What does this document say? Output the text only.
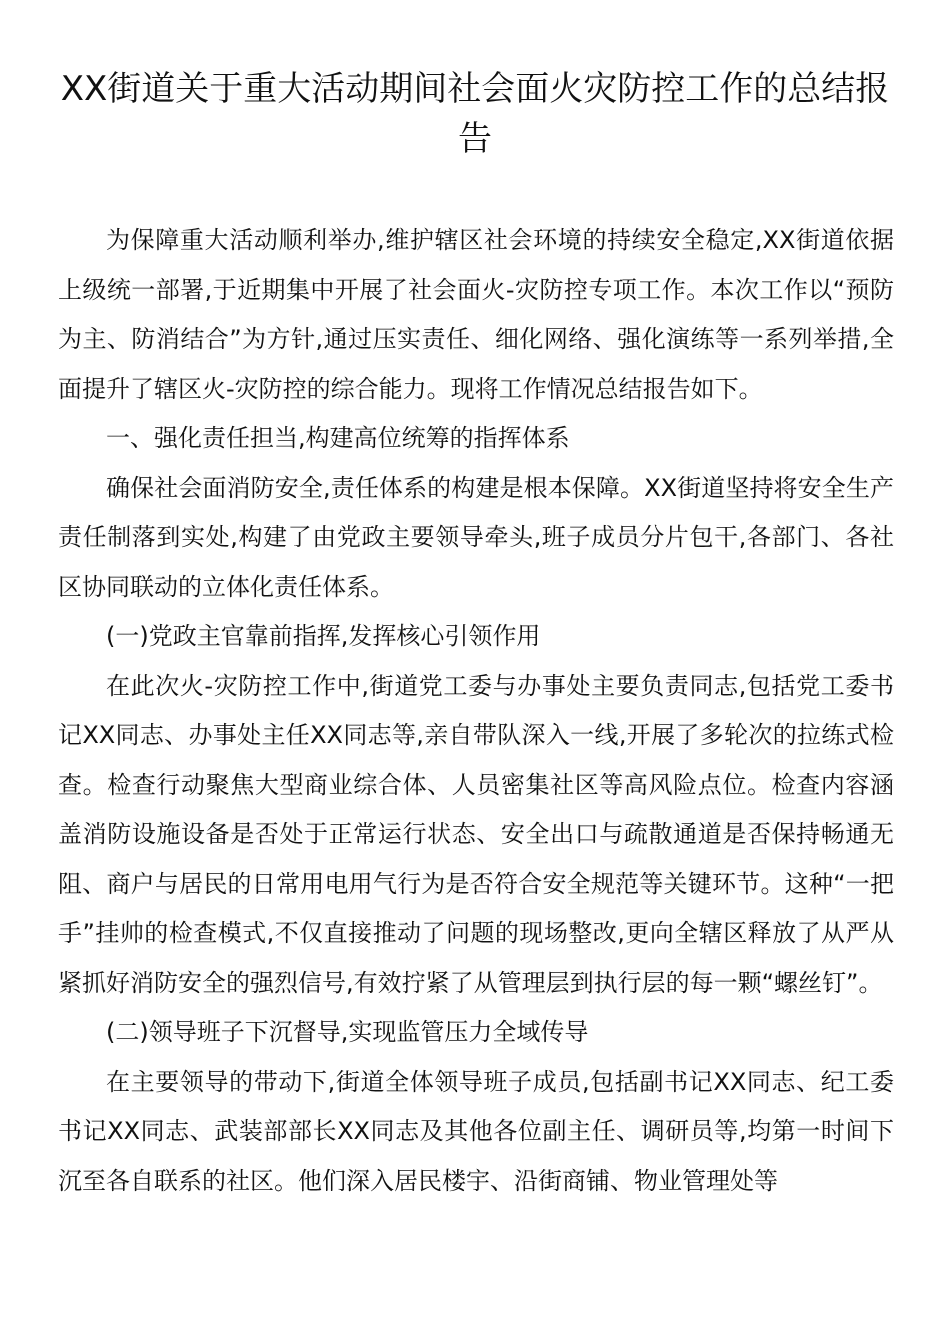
XX街道关于重大活动期间社会面火灾防控工作的总结报告

为保障重大活动顺利举办,维护辖区社会环境的持续安全稳定,XX街道依据上级统一部署,于近期集中开展了社会面火-灾防控专项工作。本次工作以“预防为主、防消结合”为方针,通过压实责任、细化网络、强化演练等一系列举措,全面提升了辖区火-灾防控的综合能力。现将工作情况总结报告如下。

一、强化责任担当,构建高位统筹的指挥体系

确保社会面消防安全,责任体系的构建是根本保障。XX街道坚持将安全生产责任制落到实处,构建了由党政主要领导牵头,班子成员分片包干,各部门、各社区协同联动的立体化责任体系。

(一)党政主官靠前指挥,发挥核心引领作用

在此次火-灾防控工作中,街道党工委与办事处主要负责同志,包括党工委书记XX同志、办事处主任XX同志等,亲自带队深入一线,开展了多轮次的拉练式检查。检查行动聚焦大型商业综合体、人员密集社区等高风险点位。检查内容涵盖消防设施设备是否处于正常运行状态、安全出口与疏散通道是否保持畅通无阻、商户与居民的日常用电用气行为是否符合安全规范等关键环节。这种“一把手”挂帅的检查模式,不仅直接推动了问题的现场整改,更向全辖区释放了从严从紧抓好消防安全的强烈信号,有效拧紧了从管理层到执行层的每一颗“螺丝钉”。

(二)领导班子下沉督导,实现监管压力全域传导

在主要领导的带动下,街道全体领导班子成员,包括副书记XX同志、纪工委书记XX同志、武装部部长XX同志及其他各位副主任、调研员等,均第一时间下沉至各自联系的社区。他们深入居民楼宇、沿街商铺、物业管理处等
